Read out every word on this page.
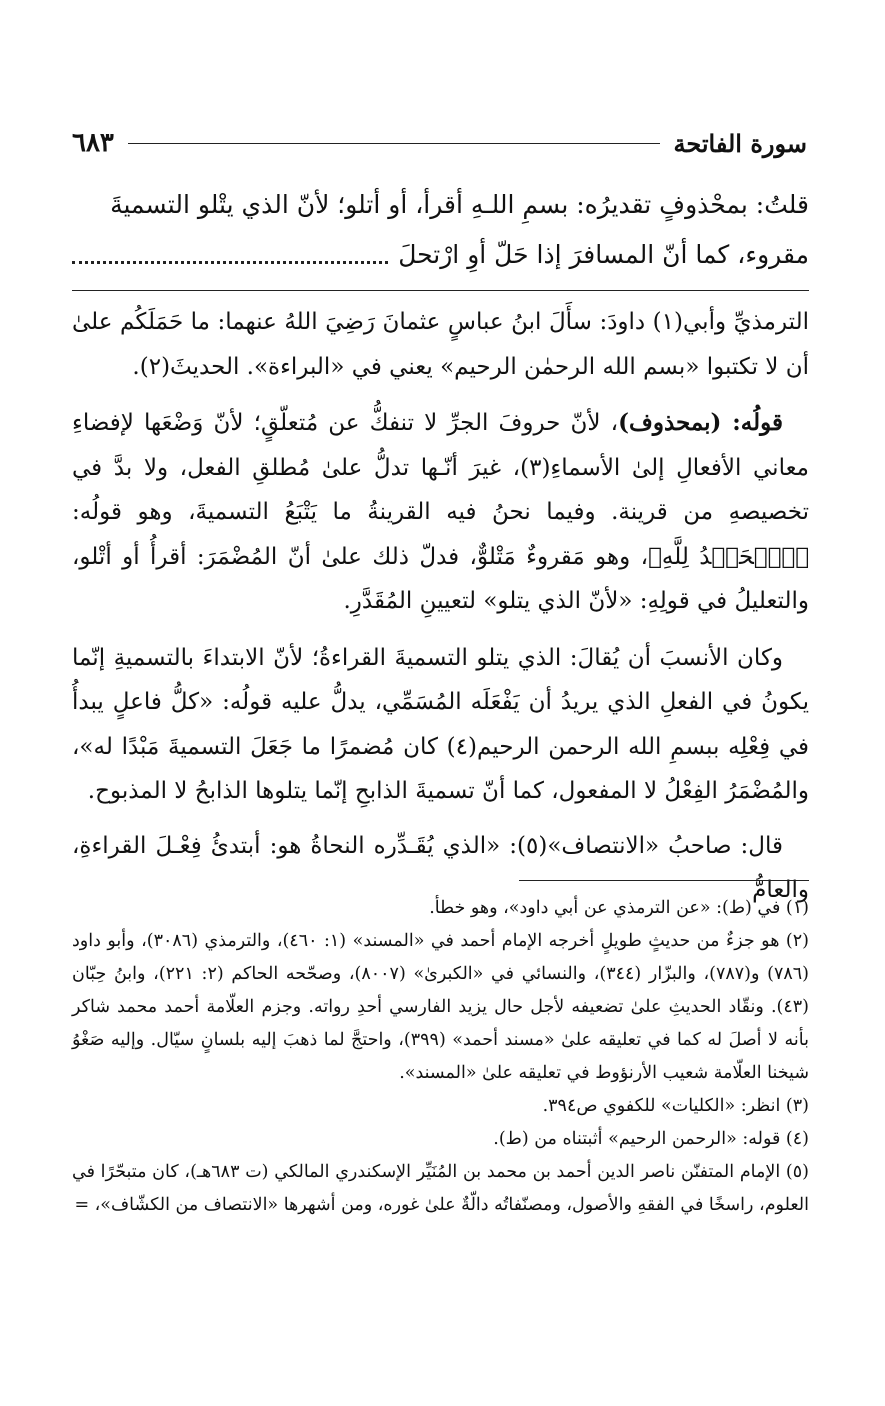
سورة الفاتحة
٦٨٣

قلتُ: بمحْذوفٍ تقديرُه: بسمِ اللـهِ أقرأ، أو أتلو؛ لأنّ الذي يتْلو التسميةَ

مقروء، كما أنّ المسافرَ إذا حَلّ أوِ ارْتحلَ

الترمذيِّ وأبي(١) داودَ: سأَلَ ابنُ عباسٍ عثمانَ رَضِيَ اللهُ عنهما: ما حَمَلَكُم علىٰ أن لا تكتبوا «بسم الله الرحمٰن الرحيم» يعني في «البراءة». الحديثَ(٢).

قولُه: (بمحذوف)، لأنّ حروفَ الجرِّ لا تنفكُّ عن مُتعلّقٍ؛ لأنّ وَضْعَها لإفضاءِ معاني الأفعالِ إلىٰ الأسماءِ(٣)، غيرَ أنّـها تدلُّ علىٰ مُطلقِ الفعل، ولا بدَّ في تخصيصهِ من قرينة. وفيما نحنُ فيه القرينةُ ما يَتْبَعُ التسميةَ، وهو قولُه: ﴿ٱلۡحَمۡدُ لِلَّهِ﴾، وهو مَقروءٌ مَتْلوٌّ، فدلّ ذلك علىٰ أنّ المُضْمَرَ: أقرأُ أو أتْلو، والتعليلُ في قولِهِ: «لأنّ الذي يتلو» لتعيينِ المُقَدَّرِ.

وكان الأنسبَ أن يُقالَ: الذي يتلو التسميةَ القراءةُ؛ لأنّ الابتداءَ بالتسميةِ إنّما يكونُ في الفعلِ الذي يريدُ أن يَفْعَلَه المُسَمِّي، يدلُّ عليه قولُه: «كلُّ فاعلٍ يبدأُ في فِعْلِه ببسمِ الله الرحمن الرحيم(٤) كان مُضمرًا ما جَعَلَ التسميةَ مَبْدًا له»، والمُضْمَرُ الفِعْلُ لا المفعول، كما أنّ تسميةَ الذابحِ إنّما يتلوها الذابحُ لا المذبوح.

قال: صاحبُ «الانتصاف»(٥): «الذي يُقَـدِّره النحاةُ هو: أبتدئُ فِعْـلَ القراءةِ، والعامُّ

(١) في (ط): «عن الترمذي عن أبي داود»، وهو خطأ.

(٢) هو جزءٌ من حديثٍ طويلٍ أخرجه الإمام أحمد في «المسند» (١: ٤٦٠)، والترمذي (٣٠٨٦)، وأبو داود (٧٨٦) و(٧٨٧)، والبزّار (٣٤٤)، والنسائي في «الكبرىٰ» (٨٠٠٧)، وصحّحه الحاكم (٢: ٢٢١)، وابنُ حِبّان (٤٣). ونقّاد الحديثِ علىٰ تضعيفه لأجل حال يزيد الفارسي أحدِ رواته. وجزم العلّامة أحمد محمد شاكر بأنه لا أصلَ له كما في تعليقه علىٰ «مسند أحمد» (٣٩٩)، واحتجَّ لما ذهبَ إليه بلسانٍ سيّال. وإليه صَغْوُ شيخنا العلّامة شعيب الأرنؤوط في تعليقه علىٰ «المسند».

(٣) انظر: «الكليات» للكفوي ص٣٩٤.

(٤) قوله: «الرحمن الرحيم» أثبتناه من (ط).

(٥) الإمام المتفنّن ناصر الدين أحمد بن محمد بن المُنَيِّر الإسكندري المالكي (ت ٦٨٣هـ)، كان متبحّرًا في العلوم، راسخًا في الفقهِ والأصول، ومصنّفاتُه دالّةٌ علىٰ غوره، ومن أشهرها «الانتصاف من الكشّاف»، =
